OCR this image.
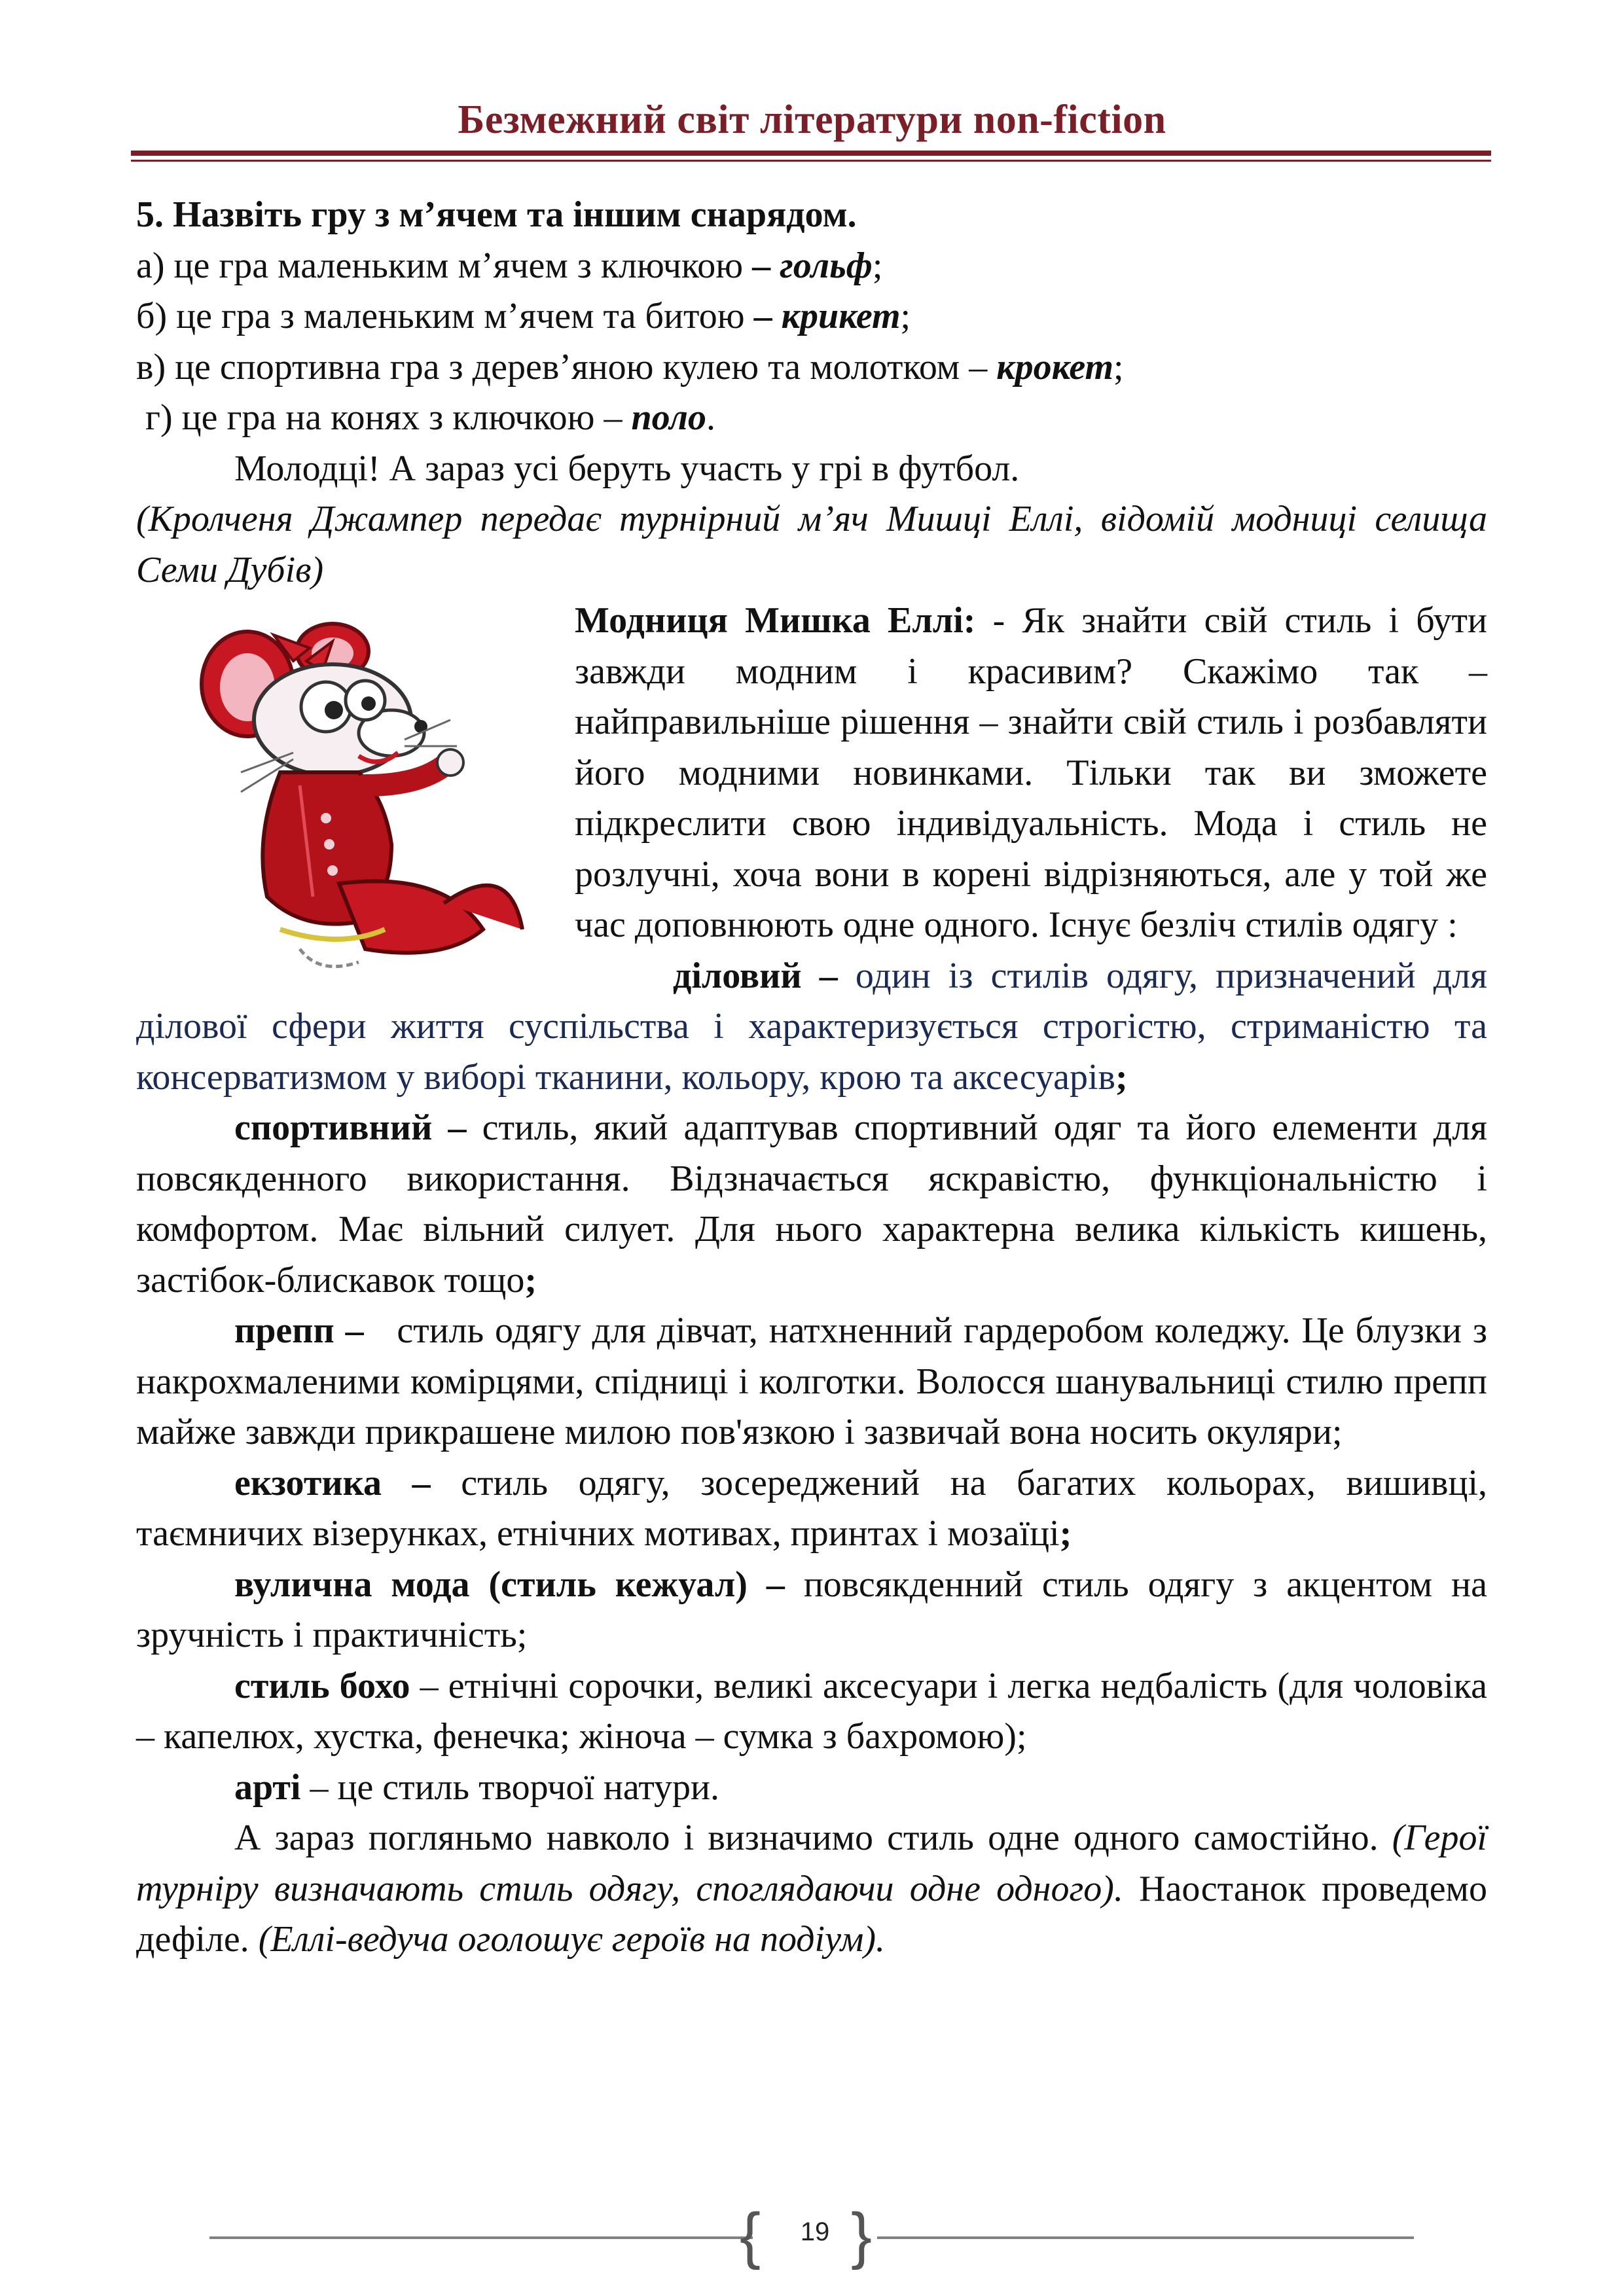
Безмежний світ літератури non-fiction

5. Назвіть гру з м’ячем та іншим снарядом.

а) це гра маленьким м’ячем з ключкою – гольф;

б) це гра з маленьким м’ячем та битою – крикет;

в) це спортивна гра з дерев’яною кулею та молотком – крокет;

г) це гра на конях з ключкою – поло.

Молодці! А зараз усі беруть участь у грі в футбол.

(Кролченя Джампер передає турнірний м’яч Мишці Еллі, відомій модниці селища Семи Дубів)

Модниця Мишка Еллі: - Як знайти свій стиль і бути завжди модним і красивим? Скажімо так – найправильніше рішення – знайти свій стиль і розбавляти його модними новинками. Тільки так ви зможете підкреслити свою індивідуальність. Мода і стиль не розлучні, хоча вони в корені відрізняються, але у той же час доповнюють одне одного. Існує безліч стилів одягу :

діловий – один із стилів одягу, призначений для ділової сфери життя суспільства і характеризується строгістю, стриманістю та консерватизмом у виборі тканини, кольору, крою та аксесуарів;

спортивний – стиль, який адаптував спортивний одяг та його елементи для повсякденного використання. Відзначається яскравістю, функціональністю і комфортом. Має вільний силует. Для нього характерна велика кількість кишень, застібок-блискавок тощо;

препп –   стиль одягу для дівчат, натхненний гардеробом коледжу. Це блузки з накрохмаленими комірцями, спідниці і колготки. Волосся шанувальниці стилю препп майже завжди прикрашене милою пов'язкою і зазвичай вона носить окуляри;

екзотика – стиль одягу, зосереджений на багатих кольорах, вишивці, таємничих візерунках, етнічних мотивах, принтах і мозаїці;

вулична мода (стиль кежуал) – повсякденний стиль одягу з акцентом на зручність і практичність;

стиль бохо – етнічні сорочки, великі аксесуари і легка недбалість (для чоловіка – капелюх, хустка, фенечка; жіноча – сумка з бахромою);

арті – це стиль творчої натури.

А зараз погляньмо навколо і визначимо стиль одне одного самостійно. (Герої турніру визначають стиль одягу, споглядаючи одне одного). Наостанок проведемо дефіле. (Еллі-ведуча оголошує героїв на подіум).

{	19 }
